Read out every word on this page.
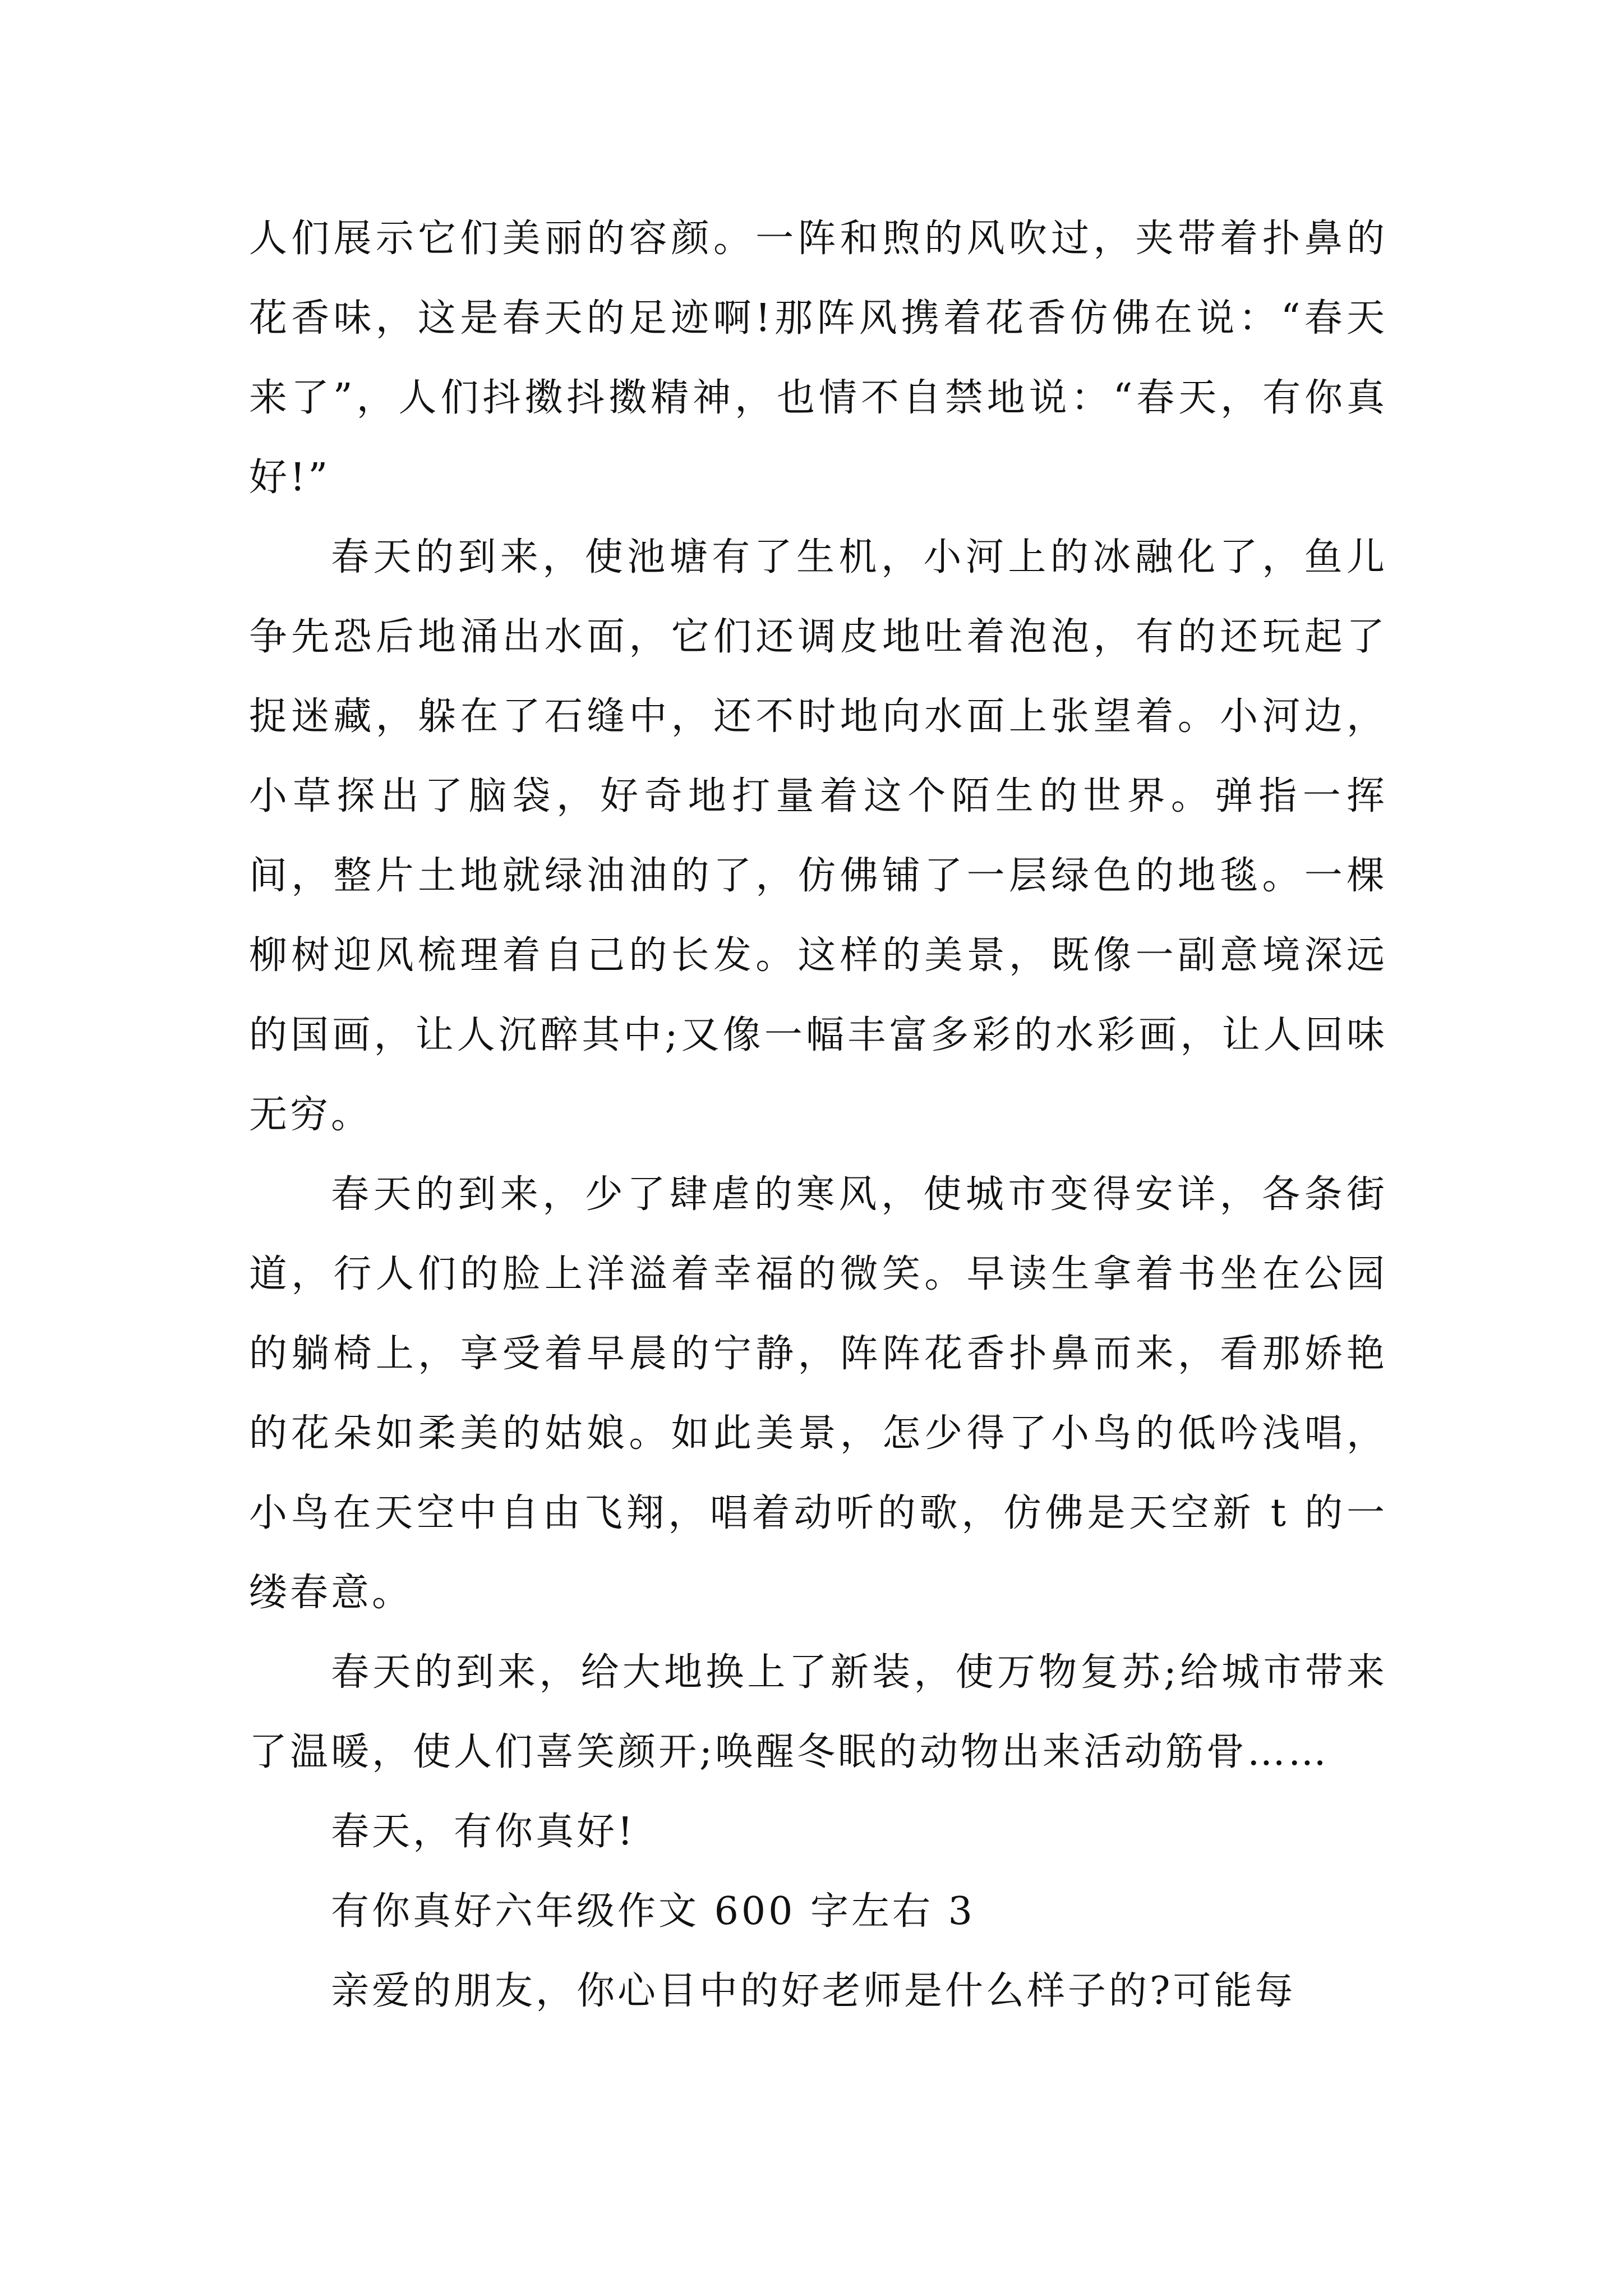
人们展示它们美丽的容颜。一阵和煦的风吹过，夹带着扑鼻的花香味，这是春天的足迹啊!那阵风携着花香仿佛在说：“春天来了”，人们抖擞抖擞精神，也情不自禁地说：“春天，有你真好!”

春天的到来，使池塘有了生机，小河上的冰融化了，鱼儿争先恐后地涌出水面，它们还调皮地吐着泡泡，有的还玩起了捉迷藏，躲在了石缝中，还不时地向水面上张望着。小河边，小草探出了脑袋，好奇地打量着这个陌生的世界。弹指一挥间，整片土地就绿油油的了，仿佛铺了一层绿色的地毯。一棵柳树迎风梳理着自己的长发。这样的美景，既像一副意境深远的国画，让人沉醉其中;又像一幅丰富多彩的水彩画，让人回味无穷。

春天的到来，少了肆虐的寒风，使城市变得安详，各条街道，行人们的脸上洋溢着幸福的微笑。早读生拿着书坐在公园的躺椅上，享受着早晨的宁静，阵阵花香扑鼻而来，看那娇艳的花朵如柔美的姑娘。如此美景，怎少得了小鸟的低吟浅唱，小鸟在天空中自由飞翔，唱着动听的歌，仿佛是天空新 t 的一缕春意。

春天的到来，给大地换上了新装，使万物复苏;给城市带来了温暖，使人们喜笑颜开;唤醒冬眠的动物出来活动筋骨……

春天，有你真好!

有你真好六年级作文 600 字左右 3

亲爱的朋友，你心目中的好老师是什么样子的?可能每
